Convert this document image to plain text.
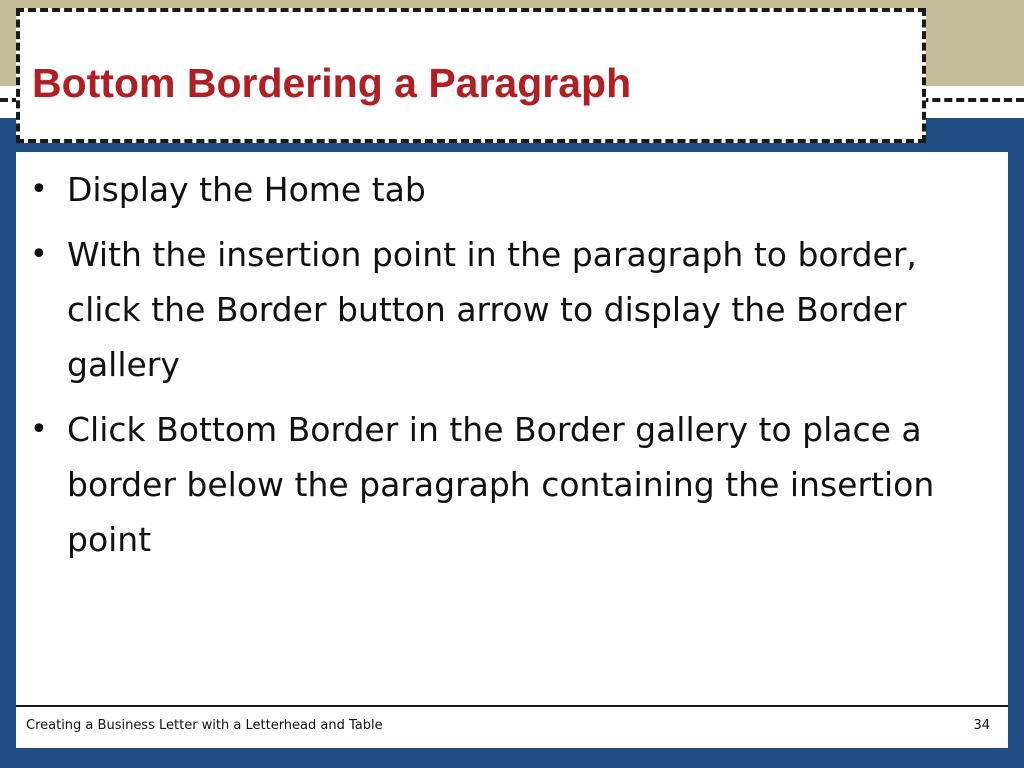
Bottom Bordering a Paragraph
• Display the Home tab
• With the insertion point in the paragraph to border, click the Border button arrow to display the Border gallery
• Click Bottom Border in the Border gallery to place a border below the paragraph containing the insertion point
Creating a Business Letter with a Letterhead and Table	34
